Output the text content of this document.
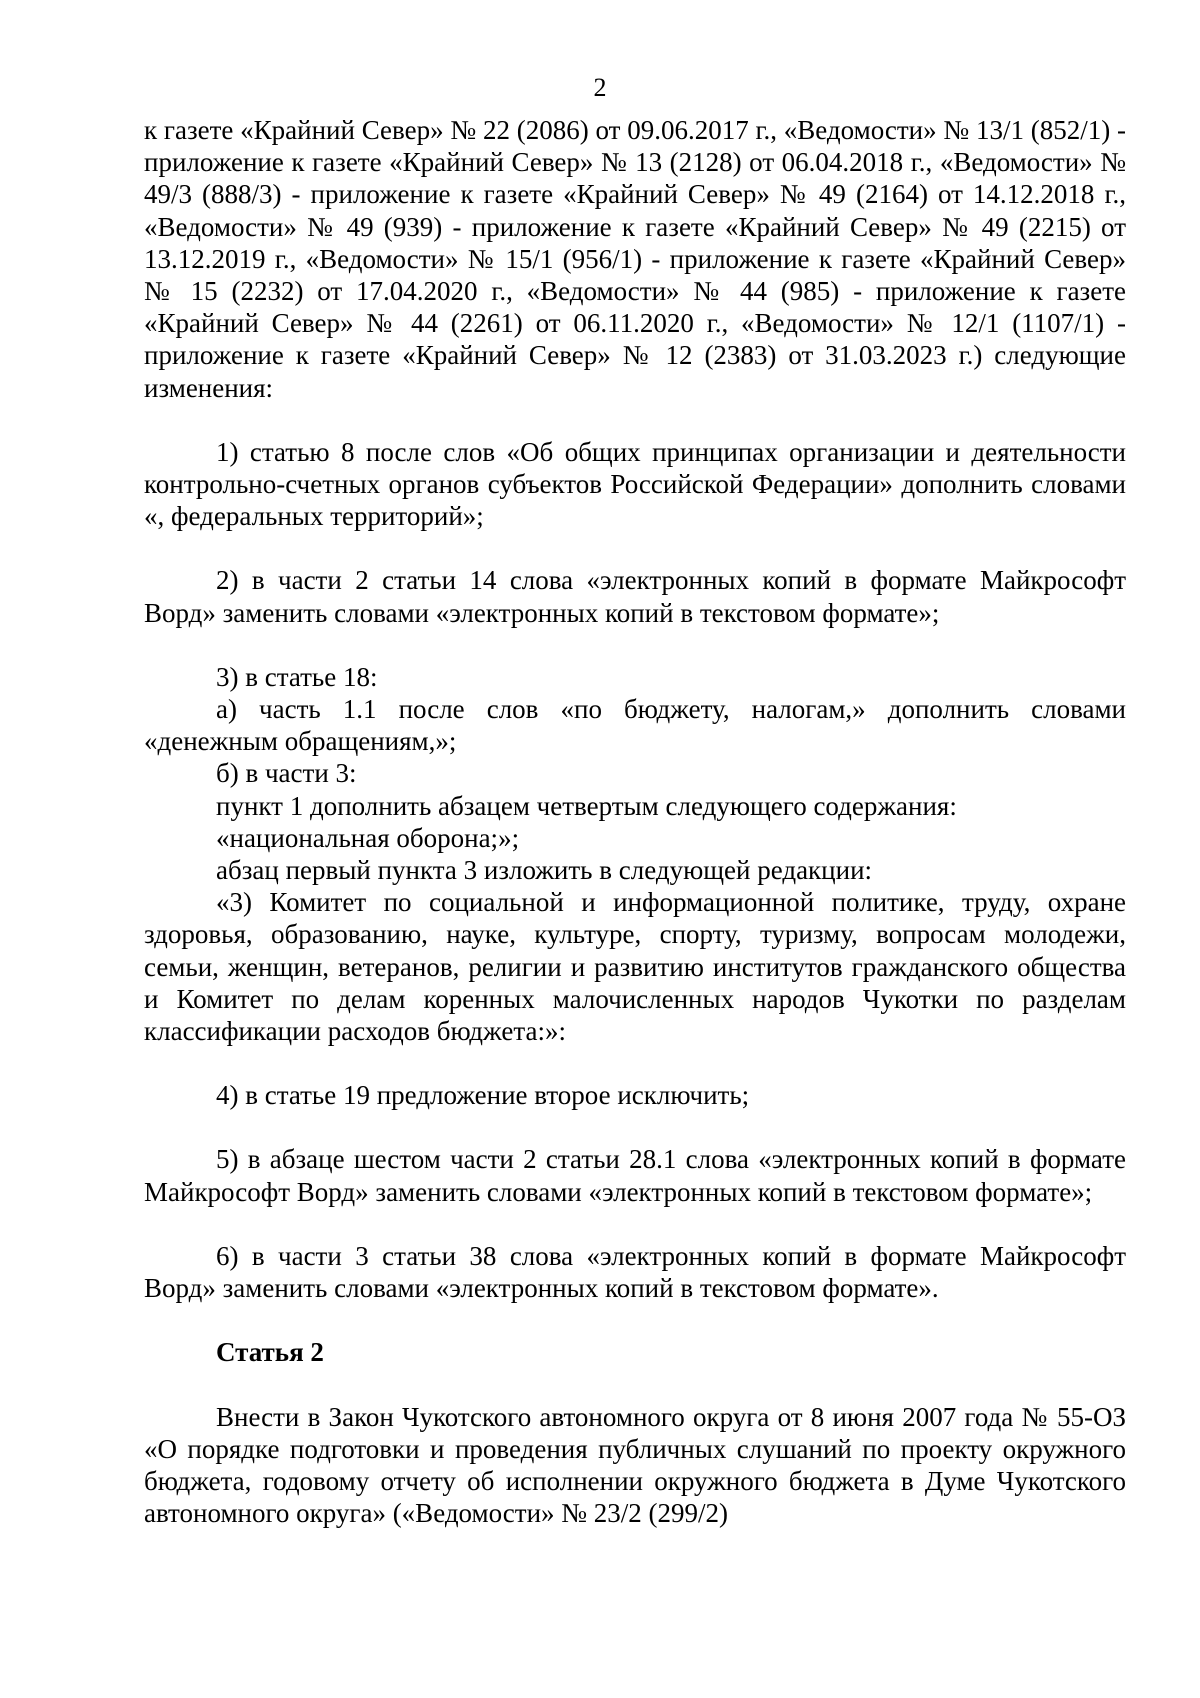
2

к газете «Крайний Север» № 22 (2086) от 09.06.2017 г., «Ведомости» № 13/1 (852/1) - приложение к газете «Крайний Север» № 13 (2128) от 06.04.2018 г., «Ведомости» № 49/3 (888/3) - приложение к газете «Крайний Север» № 49 (2164) от 14.12.2018 г., «Ведомости» № 49 (939) - приложение к газете «Крайний Север» № 49 (2215) от 13.12.2019 г., «Ведомости» № 15/1 (956/1) - приложение к газете «Крайний Север» № 15 (2232) от 17.04.2020 г., «Ведомости» № 44 (985) - приложение к газете «Крайний Север» № 44 (2261) от 06.11.2020 г., «Ведомости» № 12/1 (1107/1) - приложение к газете «Крайний Север» № 12 (2383) от 31.03.2023 г.) следующие изменения:

1) статью 8 после слов «Об общих принципах организации и деятельности контрольно-счетных органов субъектов Российской Федерации» дополнить словами «, федеральных территорий»;

2) в части 2 статьи 14 слова «электронных копий в формате Майкрософт Ворд» заменить словами «электронных копий в текстовом формате»;

3) в статье 18:

а) часть 1.1 после слов «по бюджету, налогам,» дополнить словами «денежным обращениям,»;

б) в части 3:

пункт 1 дополнить абзацем четвертым следующего содержания:

«национальная оборона;»;

абзац первый пункта 3 изложить в следующей редакции:

«3) Комитет по социальной и информационной политике, труду, охране здоровья, образованию, науке, культуре, спорту, туризму, вопросам молодежи, семьи, женщин, ветеранов, религии и развитию институтов гражданского общества и Комитет по делам коренных малочисленных народов Чукотки по разделам классификации расходов бюджета:»:

4) в статье 19 предложение второе исключить;

5) в абзаце шестом части 2 статьи 28.1 слова «электронных копий в формате Майкрософт Ворд» заменить словами «электронных копий в текстовом формате»;

6) в части 3 статьи 38 слова «электронных копий в формате Майкрософт Ворд» заменить словами «электронных копий в текстовом формате».

Статья 2

Внести в Закон Чукотского автономного округа от 8 июня 2007 года № 55-ОЗ «О порядке подготовки и проведения публичных слушаний по проекту окружного бюджета, годовому отчету об исполнении окружного бюджета в Думе Чукотского автономного округа» («Ведомости» № 23/2 (299/2)
